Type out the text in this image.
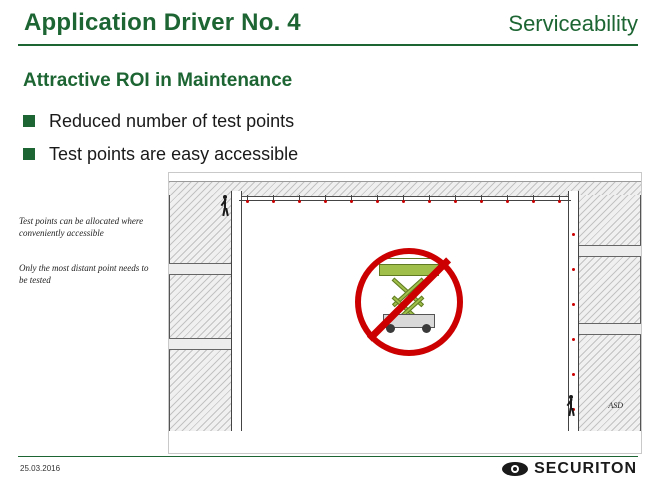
Application Driver No. 4	Serviceability
Attractive ROI in Maintenance
Reduced number of test points
Test points are easy accessible
Test points can be allocated where conveniently accessible
Only the most distant point needs to be tested
ASD
25.03.2016	SECURITON
